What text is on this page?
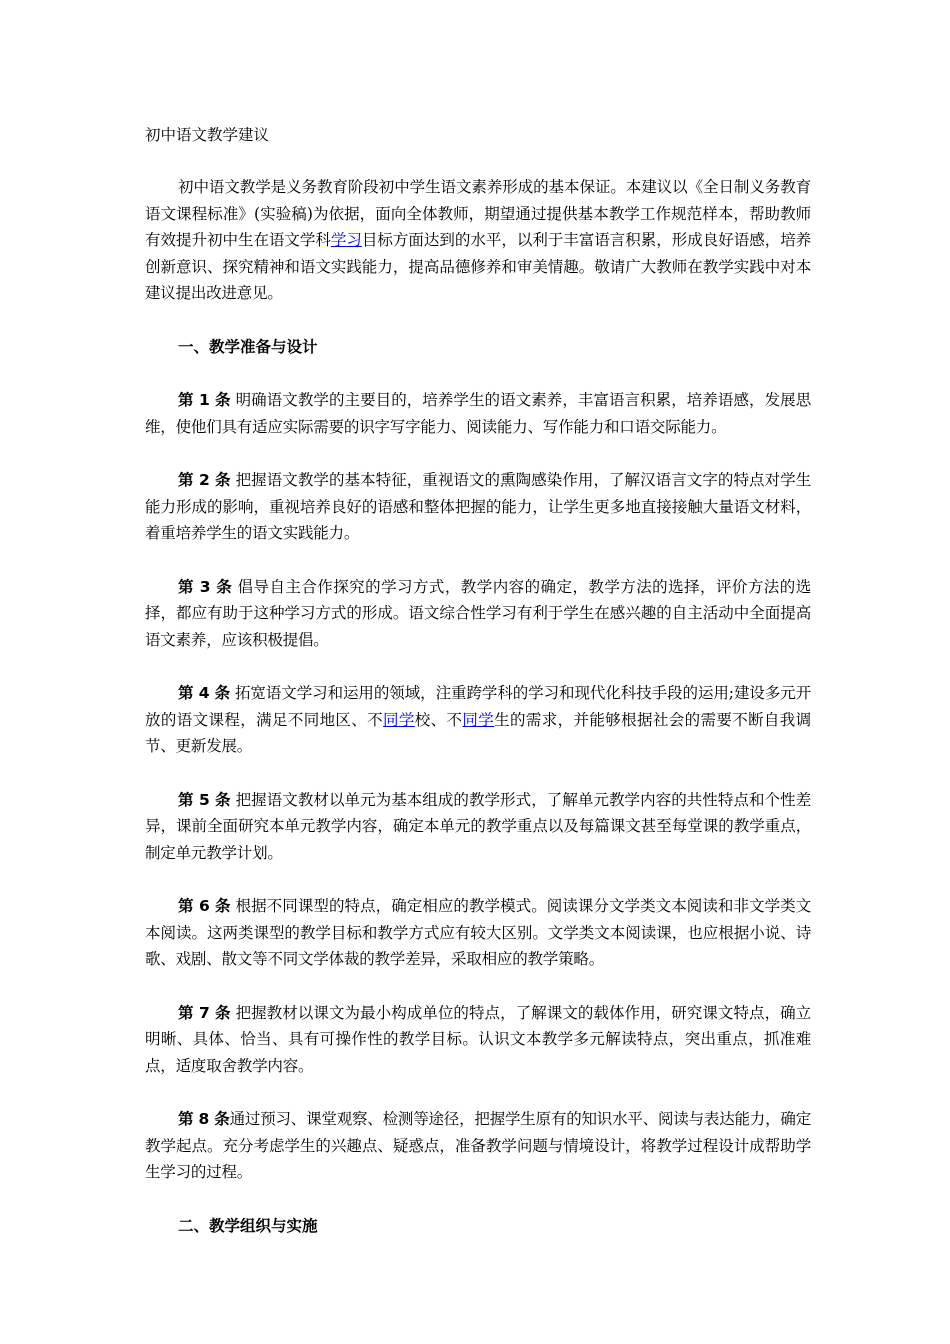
初中语文教学建议

初中语文教学是义务教育阶段初中学生语文素养形成的基本保证。本建议以《全日制义务教育语文课程标准》(实验稿)为依据，面向全体教师，期望通过提供基本教学工作规范样本，帮助教师有效提升初中生在语文学科学习目标方面达到的水平，以利于丰富语言积累，形成良好语感，培养创新意识、探究精神和语文实践能力，提高品德修养和审美情趣。敬请广大教师在教学实践中对本建议提出改进意见。

一、教学准备与设计

第 1 条 明确语文教学的主要目的，培养学生的语文素养，丰富语言积累，培养语感，发展思维，使他们具有适应实际需要的识字写字能力、阅读能力、写作能力和口语交际能力。

第 2 条 把握语文教学的基本特征，重视语文的熏陶感染作用，了解汉语言文字的特点对学生能力形成的影响，重视培养良好的语感和整体把握的能力，让学生更多地直接接触大量语文材料，着重培养学生的语文实践能力。

第 3 条 倡导自主合作探究的学习方式，教学内容的确定，教学方法的选择，评价方法的选择，都应有助于这种学习方式的形成。语文综合性学习有利于学生在感兴趣的自主活动中全面提高语文素养，应该积极提倡。

第 4 条 拓宽语文学习和运用的领域，注重跨学科的学习和现代化科技手段的运用;建设多元开放的语文课程，满足不同地区、不同学校、不同学生的需求，并能够根据社会的需要不断自我调节、更新发展。

第 5 条 把握语文教材以单元为基本组成的教学形式，了解单元教学内容的共性特点和个性差异，课前全面研究本单元教学内容，确定本单元的教学重点以及每篇课文甚至每堂课的教学重点，制定单元教学计划。

第 6 条 根据不同课型的特点，确定相应的教学模式。阅读课分文学类文本阅读和非文学类文本阅读。这两类课型的教学目标和教学方式应有较大区别。文学类文本阅读课，也应根据小说、诗歌、戏剧、散文等不同文学体裁的教学差异，采取相应的教学策略。

第 7 条 把握教材以课文为最小构成单位的特点，了解课文的载体作用，研究课文特点，确立明晰、具体、恰当、具有可操作性的教学目标。认识文本教学多元解读特点，突出重点，抓准难点，适度取舍教学内容。

第 8 条通过预习、课堂观察、检测等途径，把握学生原有的知识水平、阅读与表达能力，确定教学起点。充分考虑学生的兴趣点、疑惑点，准备教学问题与情境设计，将教学过程设计成帮助学生学习的过程。

二、教学组织与实施
